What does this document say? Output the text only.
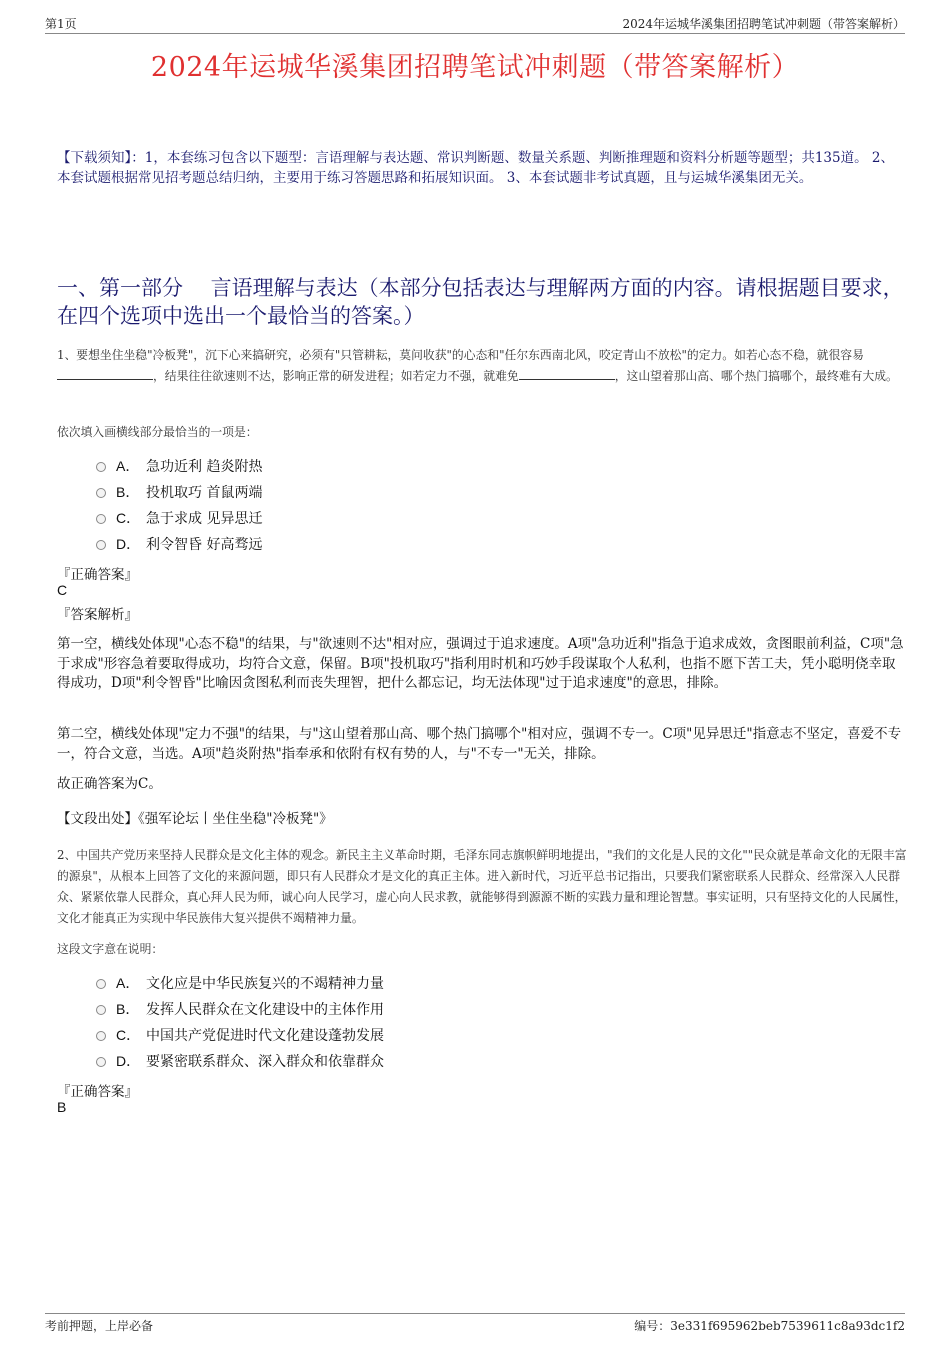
第1页	2024年运城华溪集团招聘笔试冲刺题（带答案解析）
2024年运城华溪集团招聘笔试冲刺题（带答案解析）
【下载须知】：1，本套练习包含以下题型：言语理解与表达题、常识判断题、数量关系题、判断推理题和资料分析题等题型；共135道。 2、本套试题根据常见招考题总结归纳，主要用于练习答题思路和拓展知识面。 3、本套试题非考试真题，且与运城华溪集团无关。
一、第一部分　 言语理解与表达（本部分包括表达与理解两方面的内容。请根据题目要求，在四个选项中选出一个最恰当的答案。）
1、要想坐住坐稳"冷板凳"，沉下心来搞研究，必须有"只管耕耘，莫问收获"的心态和"任尔东西南北风，咬定青山不放松"的定力。如若心态不稳，就很容易，结果往往欲速则不达，影响正常的研发进程；如若定力不强，就难免	，这山望着那山高、哪个热门搞哪个，最终难有大成。
依次填入画横线部分最恰当的一项是：
A． 急功近利 趋炎附热
B． 投机取巧 首鼠两端
C． 急于求成 见异思迁
D． 利令智昏 好高骛远
『正确答案』
C
『答案解析』
第一空，横线处体现"心态不稳"的结果，与"欲速则不达"相对应，强调过于追求速度。A项"急功近利"指急于追求成效，贪图眼前利益，C项"急于求成"形容急着要取得成功，均符合文意，保留。B项"投机取巧"指利用时机和巧妙手段谋取个人私利，也指不愿下苦工夫，凭小聪明侥幸取得成功，D项"利令智昏"比喻因贪图私利而丧失理智，把什么都忘记，均无法体现"过于追求速度"的意思，排除。
第二空，横线处体现"定力不强"的结果，与"这山望着那山高、哪个热门搞哪个"相对应，强调不专一。C项"见异思迁"指意志不坚定，喜爱不专一，符合文意，当选。A项"趋炎附热"指奉承和依附有权有势的人，与"不专一"无关，排除。
故正确答案为C。
【文段出处】《强军论坛丨坐住坐稳"冷板凳"》
2、中国共产党历来坚持人民群众是文化主体的观念。新民主主义革命时期，毛泽东同志旗帜鲜明地提出，"我们的文化是人民的文化""民众就是革命文化的无限丰富的源泉"，从根本上回答了文化的来源问题，即只有人民群众才是文化的真正主体。进入新时代，习近平总书记指出，只要我们紧密联系人民群众、经常深入人民群众、紧紧依靠人民群众，真心拜人民为师，诚心向人民学习，虚心向人民求教，就能够得到源源不断的实践力量和理论智慧。事实证明，只有坚持文化的人民属性，文化才能真正为实现中华民族伟大复兴提供不竭精神力量。
这段文字意在说明：
A． 文化应是中华民族复兴的不竭精神力量
B． 发挥人民群众在文化建设中的主体作用
C． 中国共产党促进时代文化建设蓬勃发展
D． 要紧密联系群众、深入群众和依靠群众
『正确答案』
B
考前押题，上岸必备	编号：3e331f695962beb7539611c8a93dc1f2
